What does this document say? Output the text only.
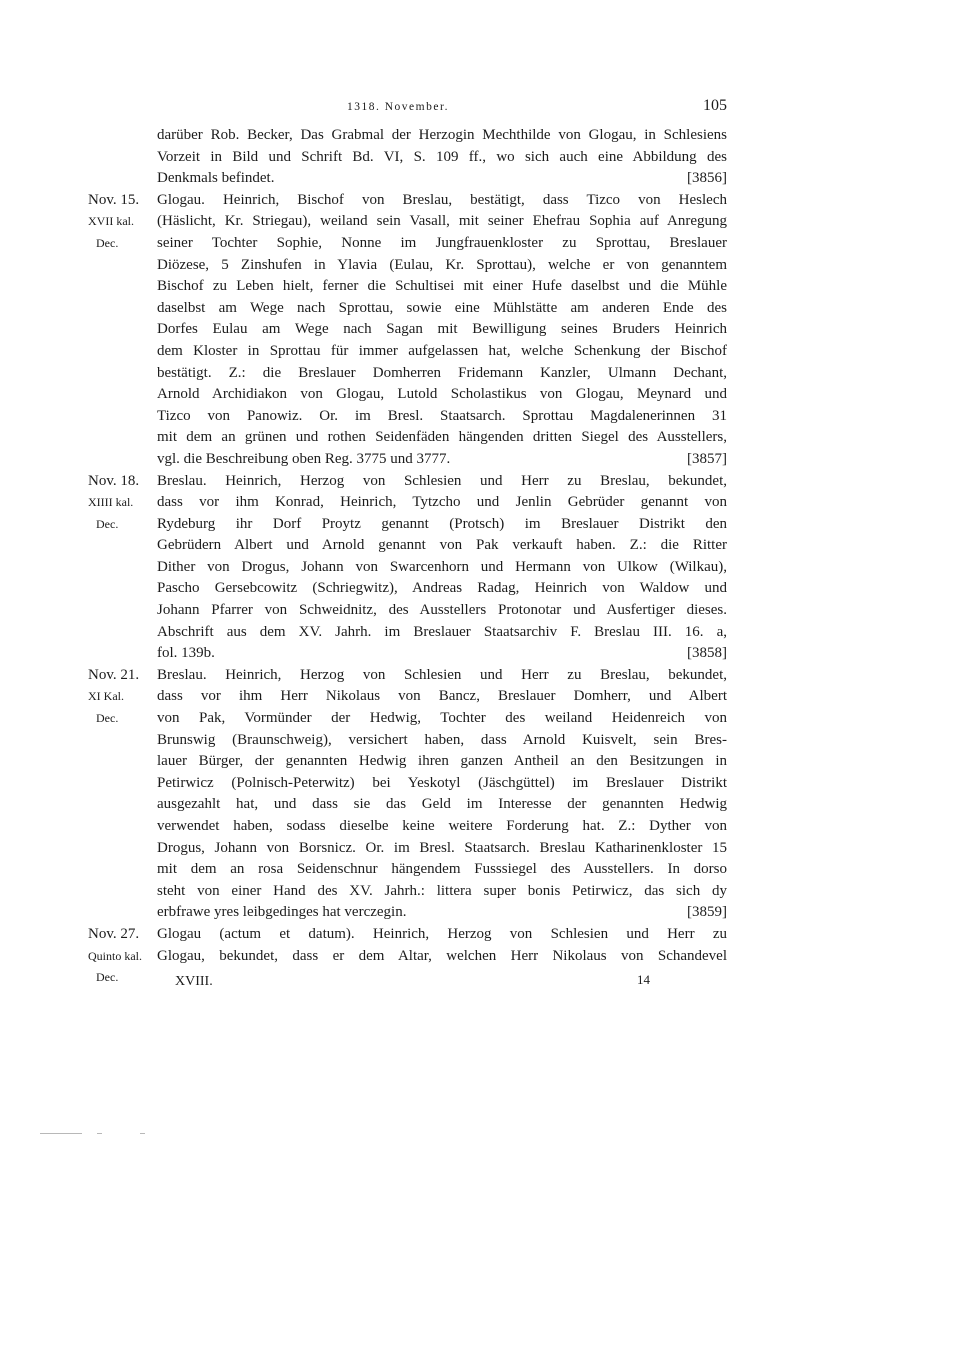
1318. November.	105
darüber Rob. Becker, Das Grabmal der Herzogin Mechthilde von Glogau, in Schlesiens
Vorzeit in Bild und Schrift Bd. VI, S. 109 ff., wo sich auch eine Abbildung des
Denkmals befindet.	[3856]
Nov. 15.	Glogau. Heinrich, Bischof von Breslau, bestätigt, dass Tizco von Heslech
XVII kal.	(Häslicht, Kr. Striegau), weiland sein Vasall, mit seiner Ehefrau Sophia auf Anregung
Dec.	seiner Tochter Sophie, Nonne im Jungfrauenkloster zu Sprottau, Breslauer
Diözese, 5 Zinshufen in Ylavia (Eulau, Kr. Sprottau), welche er von genanntem
Bischof zu Leben hielt, ferner die Schultisei mit einer Hufe daselbst und die Mühle
daselbst am Wege nach Sprottau, sowie eine Mühlstätte am anderen Ende des
Dorfes Eulau am Wege nach Sagan mit Bewilligung seines Bruders Heinrich
dem Kloster in Sprottau für immer aufgelassen hat, welche Schenkung der Bischof
bestätigt. Z.: die Breslauer Domherren Fridemann Kanzler, Ulmann Dechant,
Arnold Archidiakon von Glogau, Lutold Scholastikus von Glogau, Meynard und
Tizco von Panowiz. Or. im Bresl. Staatsarch. Sprottau Magdalenerinnen 31
mit dem an grünen und rothen Seidenfäden hängenden dritten Siegel des Ausstellers,
vgl. die Beschreibung oben Reg. 3775 und 3777.	[3857]
Nov. 18.	Breslau. Heinrich, Herzog von Schlesien und Herr zu Breslau, bekundet,
XIIII kal.	dass vor ihm Konrad, Heinrich, Tytzcho und Jenlin Gebrüder genannt von
Dec.	Rydeburg ihr Dorf Proytz genannt (Protsch) im Breslauer Distrikt den
Gebrüdern Albert und Arnold genannt von Pak verkauft haben. Z.: die Ritter
Dither von Drogus, Johann von Swarcenhorn und Hermann von Ulkow (Wilkau),
Pascho Gersebcowitz (Schriegwitz), Andreas Radag, Heinrich von Waldow und
Johann Pfarrer von Schweidnitz, des Ausstellers Protonotar und Ausfertiger dieses.
Abschrift aus dem XV. Jahrh. im Breslauer Staatsarchiv F. Breslau III. 16. a,
fol. 139b.	[3858]
Nov. 21.	Breslau. Heinrich, Herzog von Schlesien und Herr zu Breslau, bekundet,
XI Kal.	dass vor ihm Herr Nikolaus von Bancz, Breslauer Domherr, und Albert
Dec.	von Pak, Vormünder der Hedwig, Tochter des weiland Heidenreich von
Brunswig (Braunschweig), versichert haben, dass Arnold Kuisvelt, sein Bres-
lauer Bürger, der genannten Hedwig ihren ganzen Antheil an den Besitzungen in
Petirwicz (Polnisch-Peterwitz) bei Yeskotyl (Jäschgüttel) im Breslauer Distrikt
ausgezahlt hat, und dass sie das Geld im Interesse der genannten Hedwig
verwendet haben, sodass dieselbe keine weitere Forderung hat. Z.: Dyther von
Drogus, Johann von Borsnicz. Or. im Bresl. Staatsarch. Breslau Katharinenkloster 15
mit dem an rosa Seidenschnur hängendem Fusssiegel des Ausstellers. In dorso
steht von einer Hand des XV. Jahrh.: littera super bonis Petirwicz, das sich dy
erbfrawe yres leibgedinges hat verczegin.	[3859]
Nov. 27.	Glogau (actum et datum). Heinrich, Herzog von Schlesien und Herr zu
Quinto kal.	Glogau, bekundet, dass er dem Altar, welchen Herr Nikolaus von Schandevel
Dec.	XVIII.	14
